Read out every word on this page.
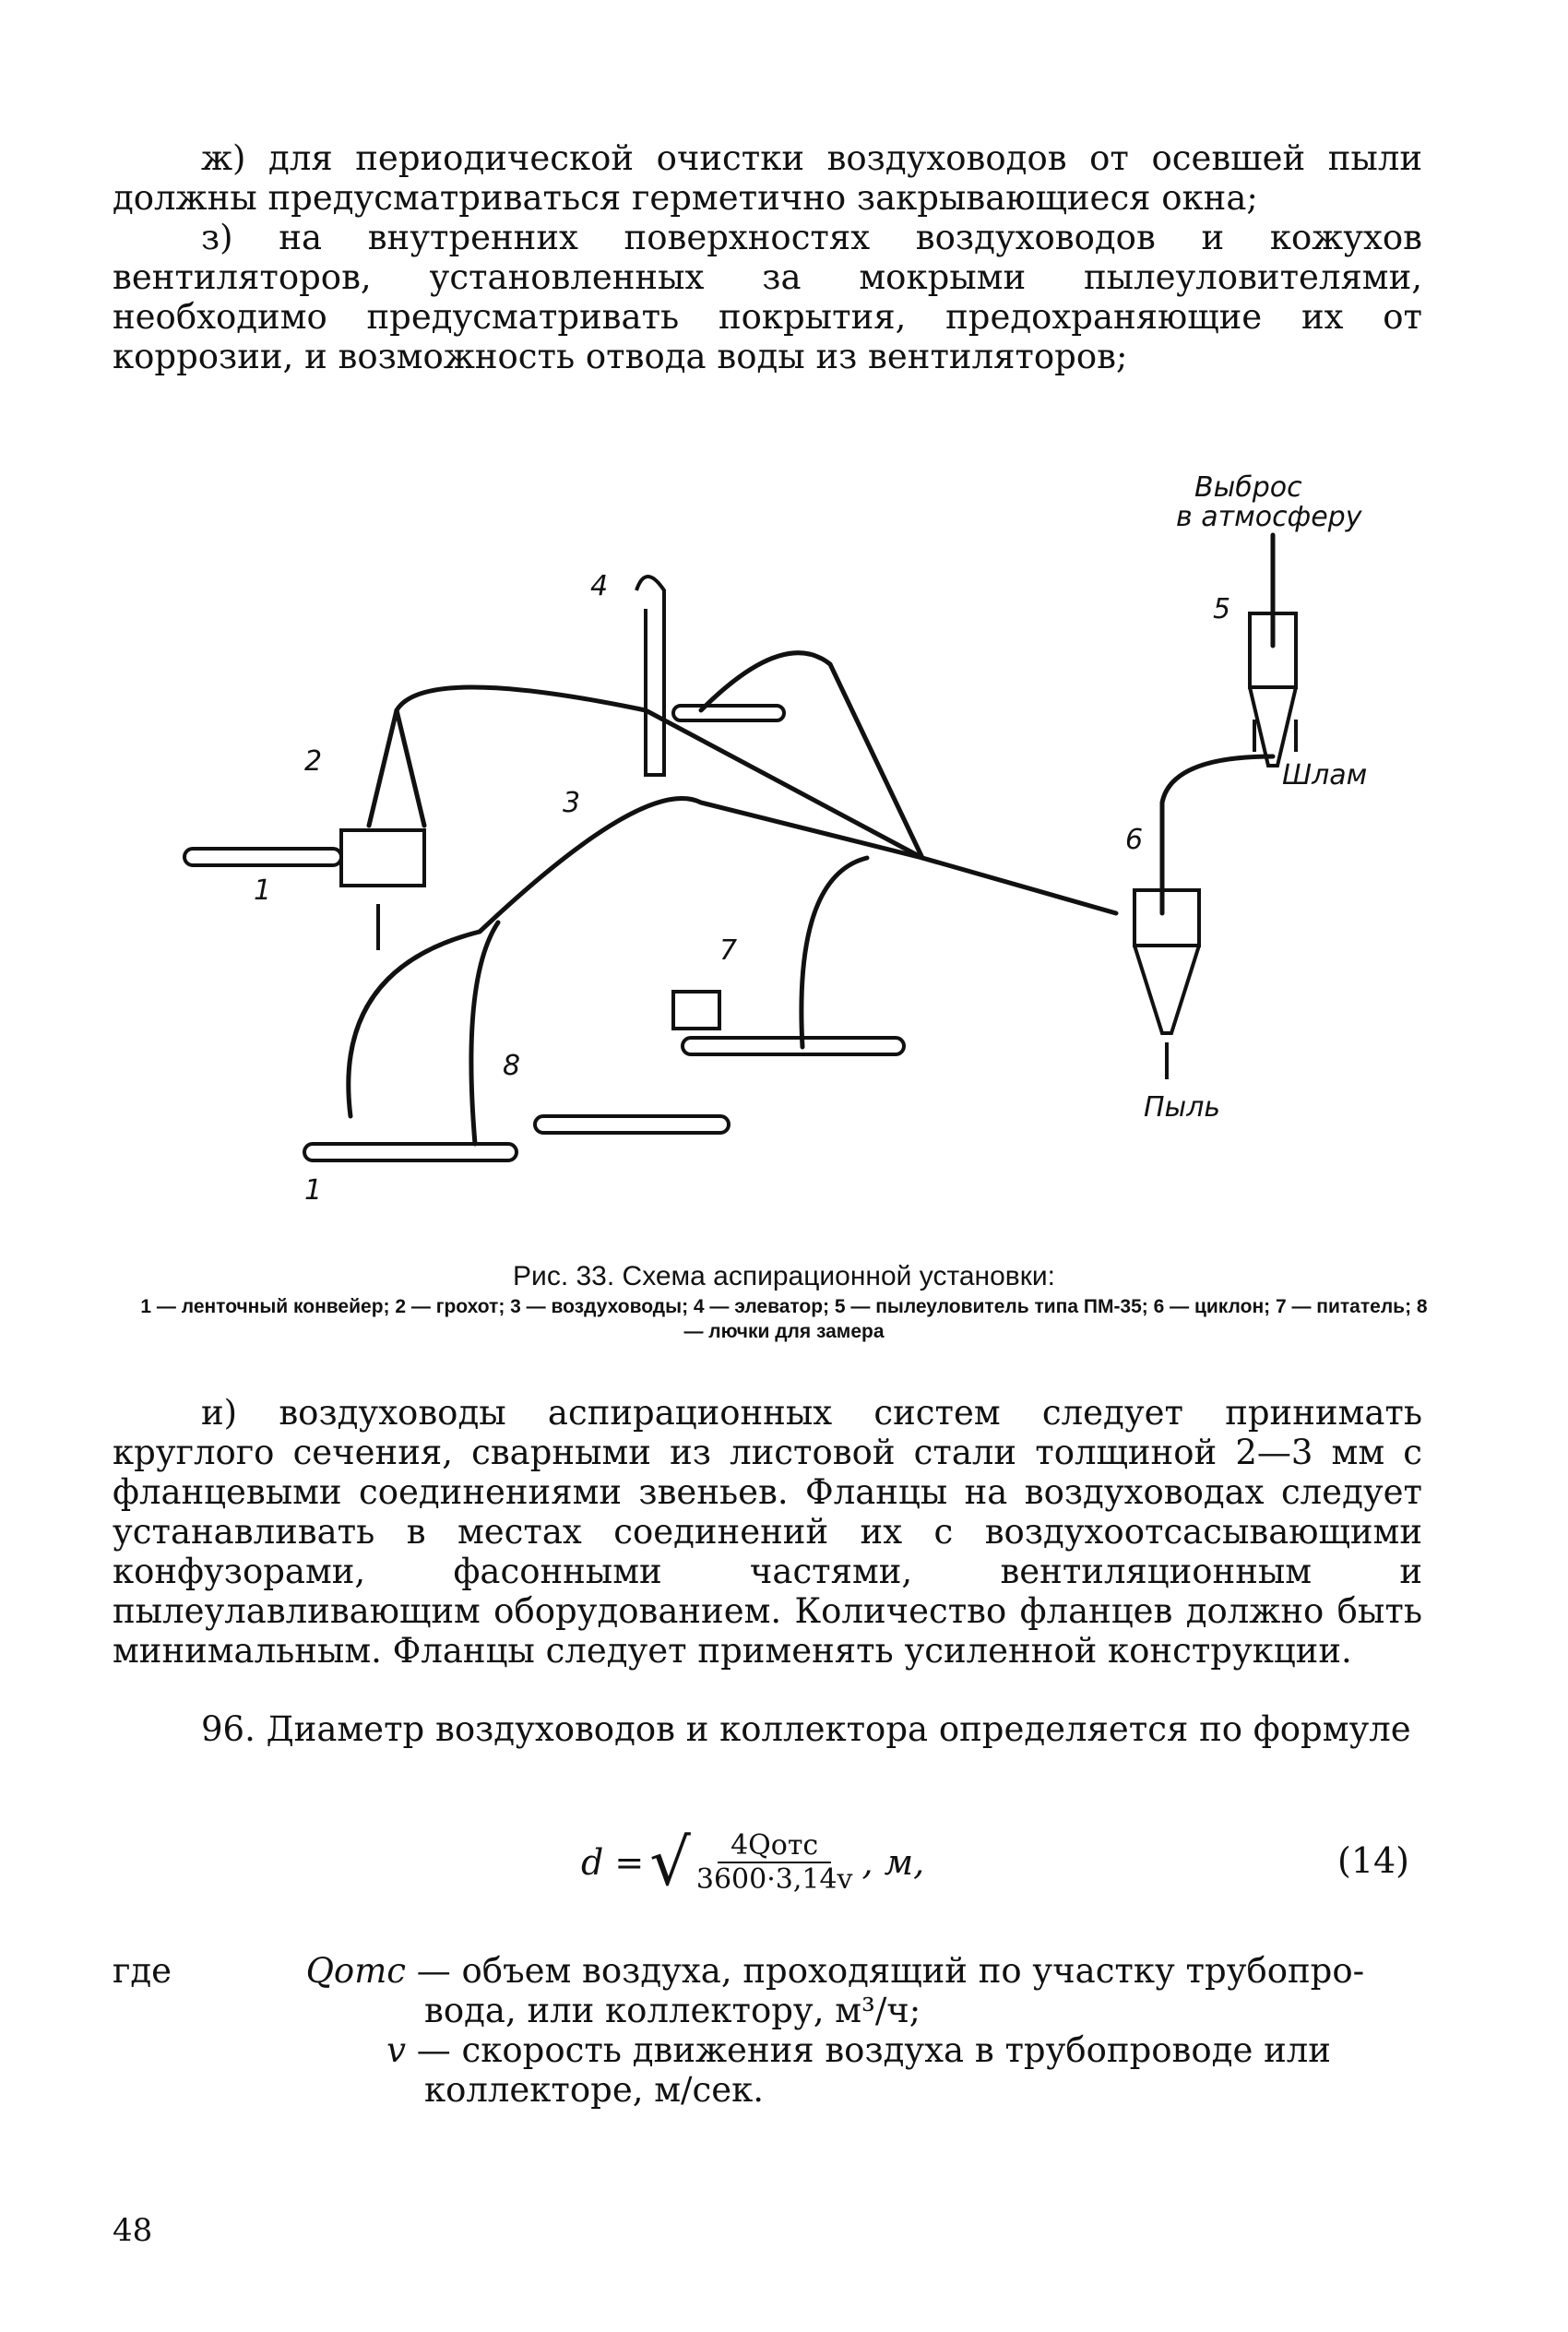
ж) для периодической очистки воздуховодов от осевшей пыли должны предусматриваться герметично закрывающиеся окна;

з) на внутренних поверхностях воздуховодов и кожухов вентиляторов, установленных за мокрыми пылеуловителями, необходимо предусматривать покрытия, предохраняющие их от коррозии, и возможность отвода воды из вентиляторов;

Выброс
в атмосферу
Шлам
Пыль
1
1
2
3
4
5
6
7
8
Рис. 33. Схема аспирационной установки:
1 — ленточный конвейер; 2 — грохот; 3 — воздуховоды; 4 — элеватор; 5 — пылеуловитель типа ПМ-35; 6 — циклон; 7 — питатель; 8 — лючки для замера

и) воздуховоды аспирационных систем следует принимать круглого сечения, сварными из листовой стали толщиной 2—3 мм с фланцевыми соединениями звеньев. Фланцы на воздуховодах следует устанавливать в местах соединений их с воздухоотсасывающими конфузорами, фасонными частями, вентиляционным и пылеулавливающим оборудованием. Количество фланцев должно быть минимальным. Фланцы следует применять усиленной конструкции.

96. Диаметр воздуховодов и коллектора определяется по формуле

d = √ $\frac{\text{4Qотс}}{3600\cdot 3,14v}$ , м,	(14)
где	Qотс — объем воздуха, проходящий по участку трубопро-
вода, или коллектору, м³/ч;
v — скорость движения воздуха в трубопроводе или
коллекторе, м/сек.
48
